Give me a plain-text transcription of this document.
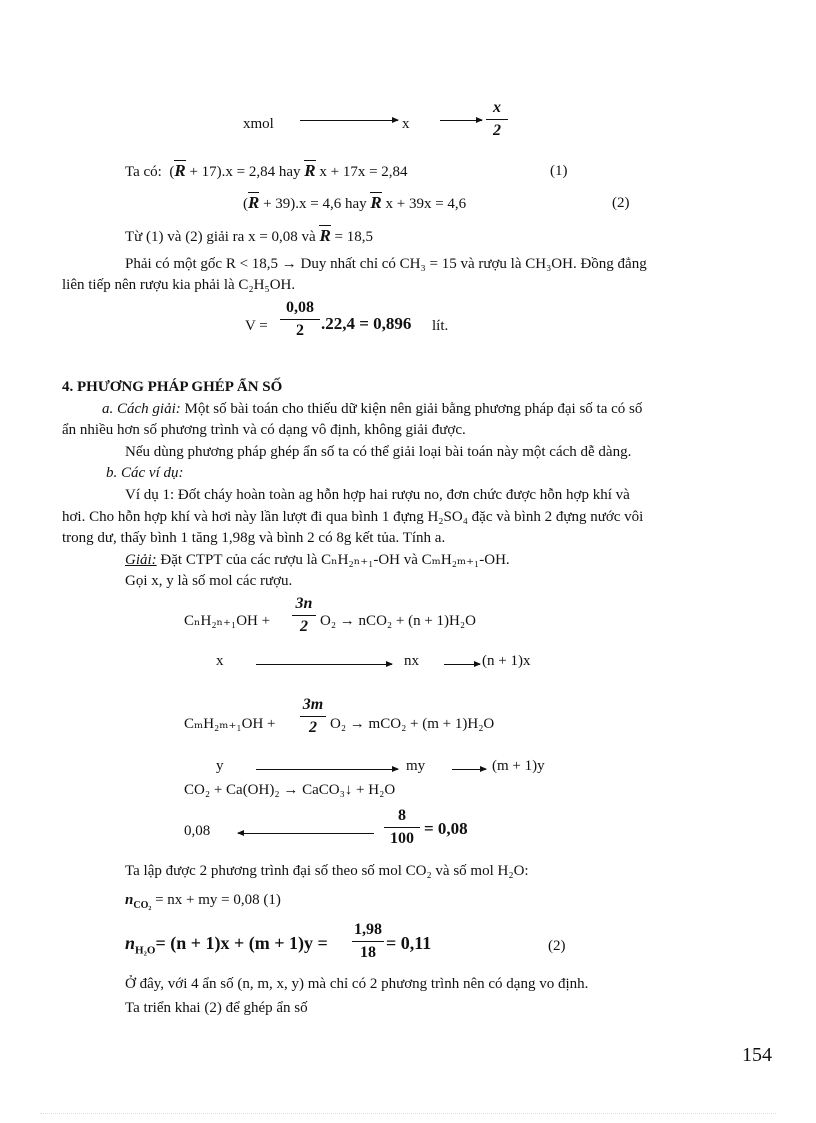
xmol	x
x
2
Ta có: (R + 17).x = 2,84 hay R x + 17x = 2,84	(1)
(R + 39).x = 4,6 hay R x + 39x = 4,6	(2)
Từ (1) và (2) giải ra x = 0,08 và R = 18,5
Phải có một gốc R < 18,5 → Duy nhất chỉ có CH₃ = 15 và rượu là CH₃OH. Đồng đẳng
liên tiếp nên rượu kia phải là C₂H₅OH.
V =
0,08
2	.22,4 = 0,896 lít.
4. PHƯƠNG PHÁP GHÉP ẨN SỐ
a. Cách giải: Một số bài toán cho thiếu dữ kiện nên giải bằng phương pháp đại số ta có số
ẩn nhiều hơn số phương trình và có dạng vô định, không giải được.
Nếu dùng phương pháp ghép ẩn số ta có thể giải loại bài toán này một cách dễ dàng.
b. Các ví dụ:
Ví dụ 1: Đốt cháy hoàn toàn ag hỗn hợp hai rượu no, đơn chức được hỗn hợp khí và
hơi. Cho hỗn hợp khí và hơi này lần lượt đi qua bình 1 đựng H₂SO₄ đặc và bình 2 đựng nước vôi
trong dư, thấy bình 1 tăng 1,98g và bình 2 có 8g kết tủa. Tính a.
Giải: Đặt CTPT của các rượu là CₙH₂ₙ₊₁-OH và CₘH₂ₘ₊₁-OH.
Gọi x, y là số mol các rượu.
CₙH₂ₙ₊₁OH +
3n
2 O₂ → nCO₂ + (n + 1)H₂O
x	nx	(n + 1)x
CₘH₂ₘ₊₁OH +
3m
2 O₂ → mCO₂ + (m + 1)H₂O
y	my	(m + 1)y
CO₂ + Ca(OH)₂ → CaCO₃↓ + H₂O
0,08
8
100
= 0,08
Ta lập được 2 phương trình đại số theo số mol CO₂ và số mol H₂O:
$n_{CO_2}$ = nx + my = 0,08 (1)
$n_{H_2O}= (n + 1)x + (m + 1)y$ =
1,98
18 = 0,11	(2)
Ở đây, với 4 ẩn số (n, m, x, y) mà chỉ có 2 phương trình nên có dạng vo định.
Ta triển khai (2) để ghép ẩn số
154
